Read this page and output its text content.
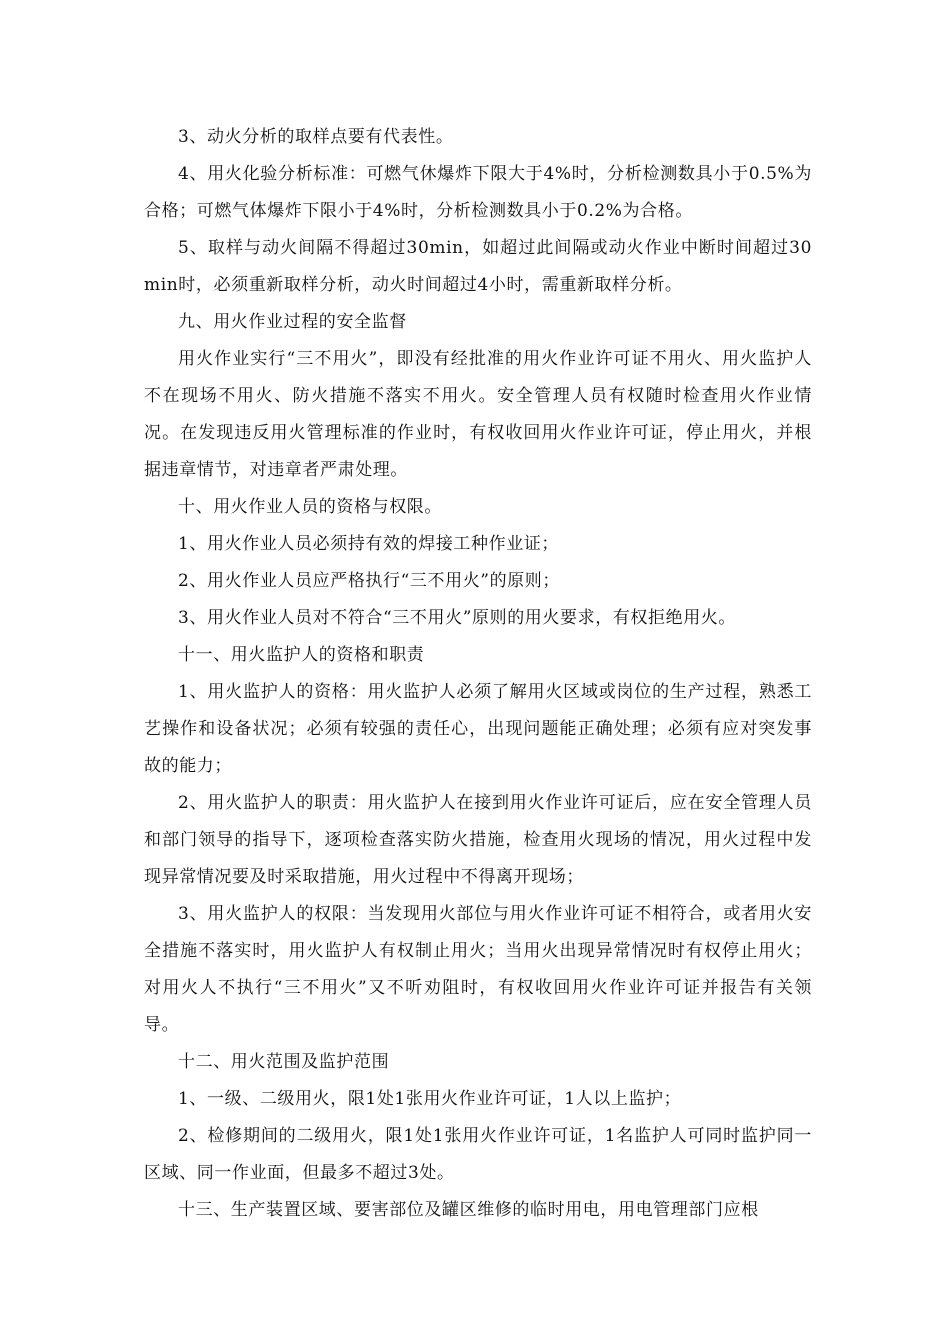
3、动火分析的取样点要有代表性。

4、用火化验分析标准：可燃气休爆炸下限大于4%时，分析检测数具小于0.5%为合格；可燃气体爆炸下限小于4%时，分析检测数具小于0.2%为合格。

5、取样与动火间隔不得超过30min，如超过此间隔或动火作业中断时间超过30min时，必须重新取样分析，动火时间超过4小时，需重新取样分析。

九、用火作业过程的安全监督

用火作业实行“三不用火”，即没有经批准的用火作业许可证不用火、用火监护人不在现场不用火、防火措施不落实不用火。安全管理人员有权随时检查用火作业情况。在发现违反用火管理标准的作业时，有权收回用火作业许可证，停止用火，并根据违章情节，对违章者严肃处理。

十、用火作业人员的资格与权限。

1、用火作业人员必须持有效的焊接工种作业证；

2、用火作业人员应严格执行“三不用火”的原则；

3、用火作业人员对不符合“三不用火”原则的用火要求，有权拒绝用火。

十一、用火监护人的资格和职责

1、用火监护人的资格：用火监护人必须了解用火区域或岗位的生产过程，熟悉工艺操作和设备状况；必须有较强的责任心，出现问题能正确处理；必须有应对突发事故的能力；

2、用火监护人的职责：用火监护人在接到用火作业许可证后，应在安全管理人员和部门领导的指导下，逐项检查落实防火措施，检查用火现场的情况，用火过程中发现异常情况要及时采取措施，用火过程中不得离开现场；

3、用火监护人的权限：当发现用火部位与用火作业许可证不相符合，或者用火安全措施不落实时，用火监护人有权制止用火；当用火出现异常情况时有权停止用火；对用火人不执行“三不用火”又不听劝阻时，有权收回用火作业许可证并报告有关领导。

十二、用火范围及监护范围

1、一级、二级用火，限1处1张用火作业许可证，1人以上监护；

2、检修期间的二级用火，限1处1张用火作业许可证，1名监护人可同时监护同一区域、同一作业面，但最多不超过3处。

十三、生产装置区域、要害部位及罐区维修的临时用电，用电管理部门应根
